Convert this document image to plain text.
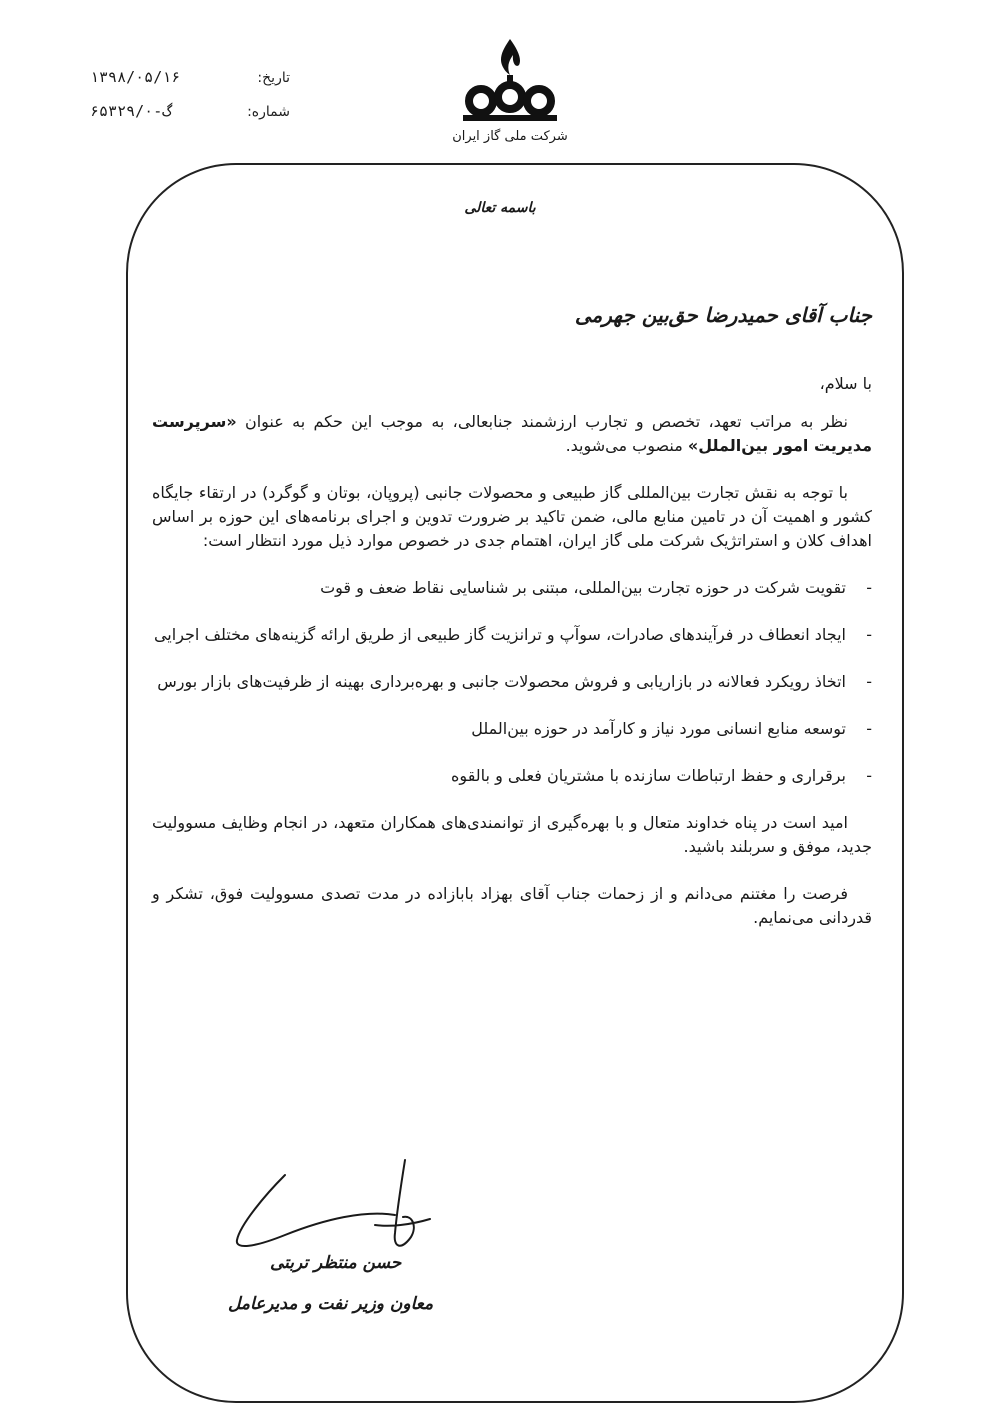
تاریخ:
۱۳۹۸/۰۵/۱۶
شماره:
گ-۶۵۳۲۹/۰
شرکت ملی گاز ایران
باسمه تعالی
جناب آقای حمیدرضا حق‌بین جهرمی
با سلام،
نظر به مراتب تعهد، تخصص و تجارب ارزشمند جنابعالی، به موجب این حکم به عنوان «سرپرست مدیریت امور بین‌الملل» منصوب می‌شوید.
با توجه به نقش تجارت بین‌المللی گاز طبیعی و محصولات جانبی (پروپان، بوتان و گوگرد) در ارتقاء جایگاه کشور و اهمیت آن در تامین منابع مالی، ضمن تاکید بر ضرورت تدوین و اجرای برنامه‌های این حوزه بر اساس اهداف کلان و استراتژیک شرکت ملی گاز ایران، اهتمام جدی در خصوص موارد ذیل مورد انتظار است:
-
تقویت شرکت در حوزه تجارت بین‌المللی، مبتنی بر شناسایی نقاط ضعف و قوت
-
ایجاد انعطاف در فرآیندهای صادرات، سوآپ و ترانزیت گاز طبیعی از طریق ارائه گزینه‌های مختلف اجرایی
-
اتخاذ رویکرد فعالانه در بازاریابی و فروش محصولات جانبی و بهره‌برداری بهینه از ظرفیت‌های بازار بورس
-
توسعه منابع انسانی مورد نیاز و کارآمد در حوزه بین‌الملل
-
برقراری و حفظ ارتباطات سازنده با مشتریان فعلی و بالقوه
امید است در پناه خداوند متعال و با بهره‌گیری از توانمندی‌های همکاران متعهد، در انجام وظایف مسوولیت جدید، موفق و سربلند باشید.
فرصت را مغتنم می‌دانم و از زحمات جناب آقای بهزاد بابازاده در مدت تصدی مسوولیت فوق، تشکر و قدردانی می‌نمایم.
حسن منتظر تربتی
معاون وزیر نفت و مدیرعامل
